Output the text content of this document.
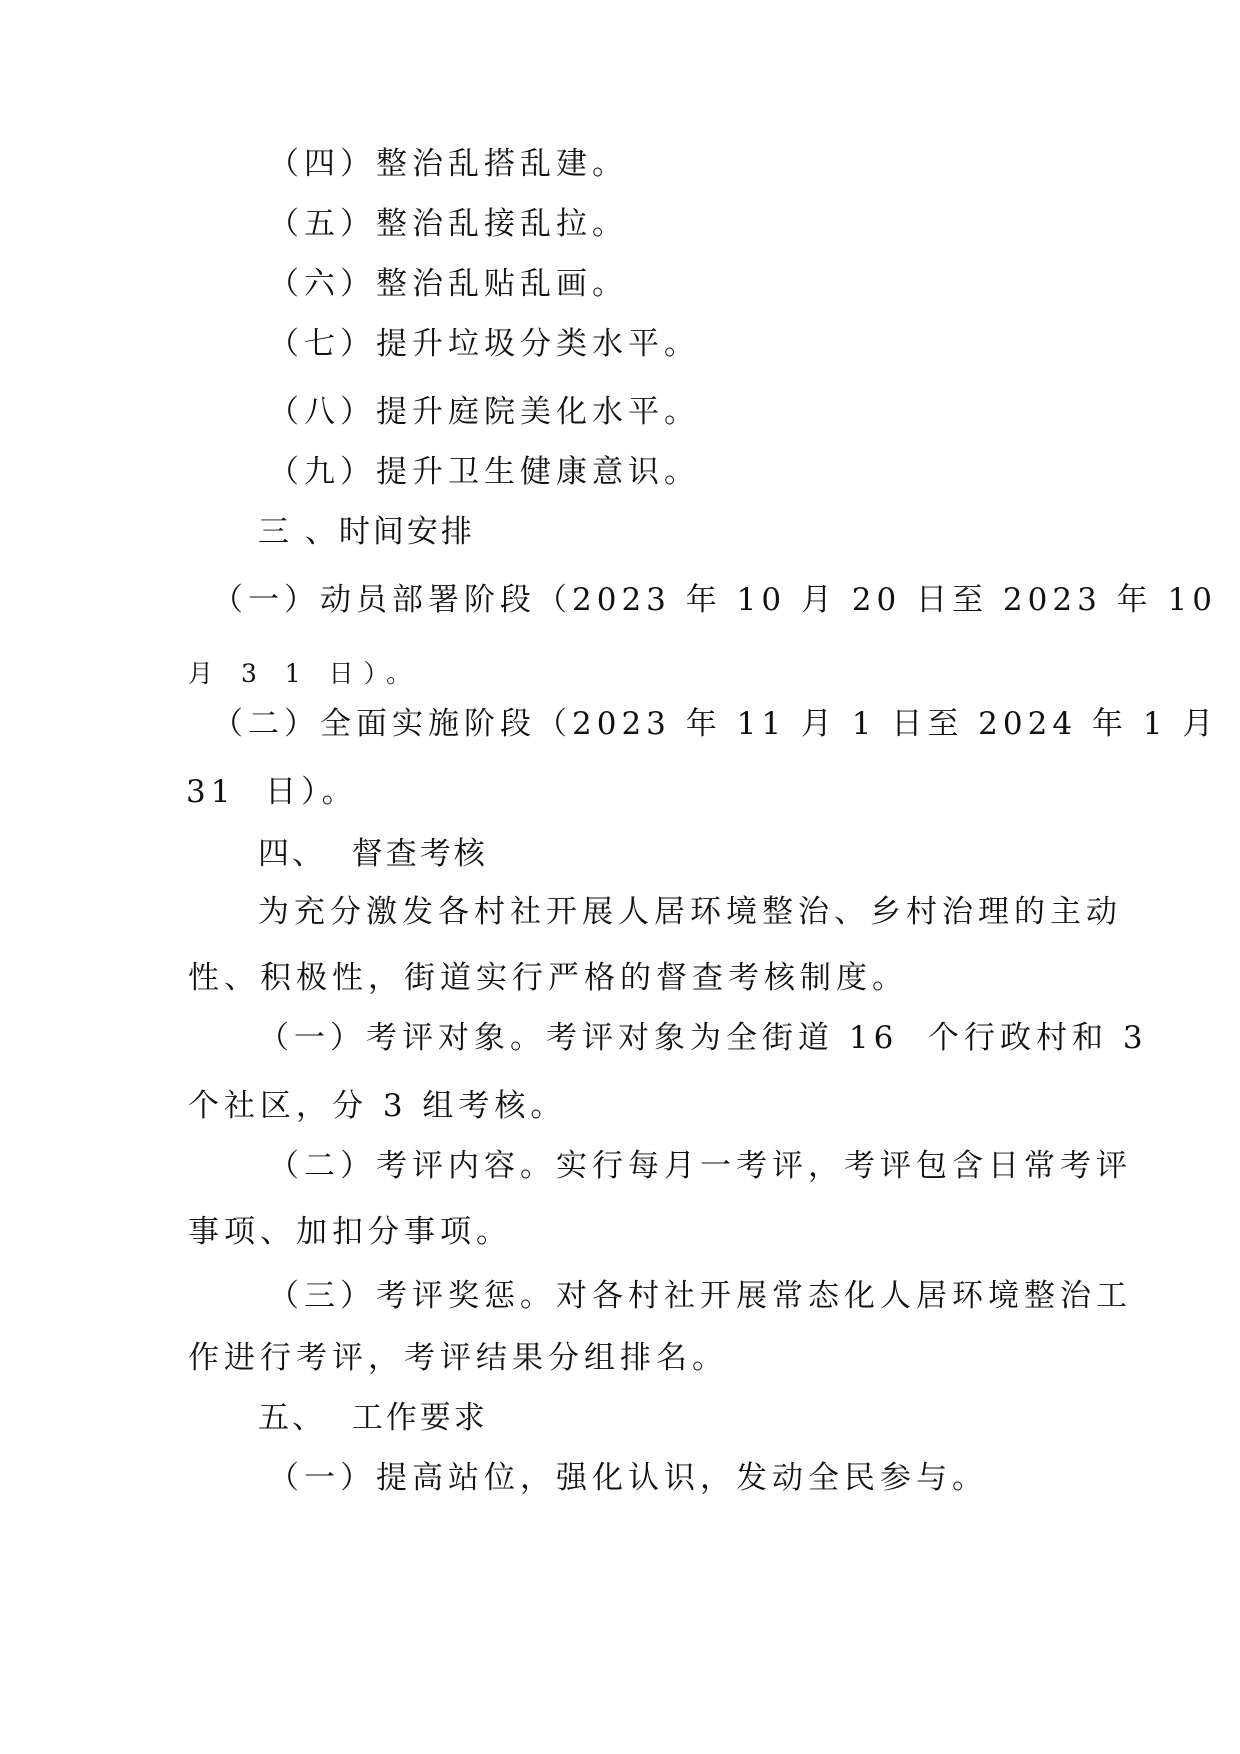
（四）整治乱搭乱建。
（五）整治乱接乱拉。
（六）整治乱贴乱画。
（七）提升垃圾分类水平。
（八）提升庭院美化水平。
（九）提升卫生健康意识。
三 、时间安排
（一）动员部署阶段（2023 年 10 月 20 日至 2023 年 10
月 3 1 日）。
（二）全面实施阶段（2023 年 11 月 1 日至 2024 年 1 月
31  日）。
四、  督查考核
为充分激发各村社开展人居环境整治、乡村治理的主动
性、积极性，街道实行严格的督查考核制度。
（一）考评对象。考评对象为全街道 16  个行政村和 3
个社区，分 3 组考核。
（二）考评内容。实行每月一考评，考评包含日常考评
事项、加扣分事项。
（三）考评奖惩。对各村社开展常态化人居环境整治工
作进行考评，考评结果分组排名。
五、  工作要求
（一）提高站位，强化认识，发动全民参与。
